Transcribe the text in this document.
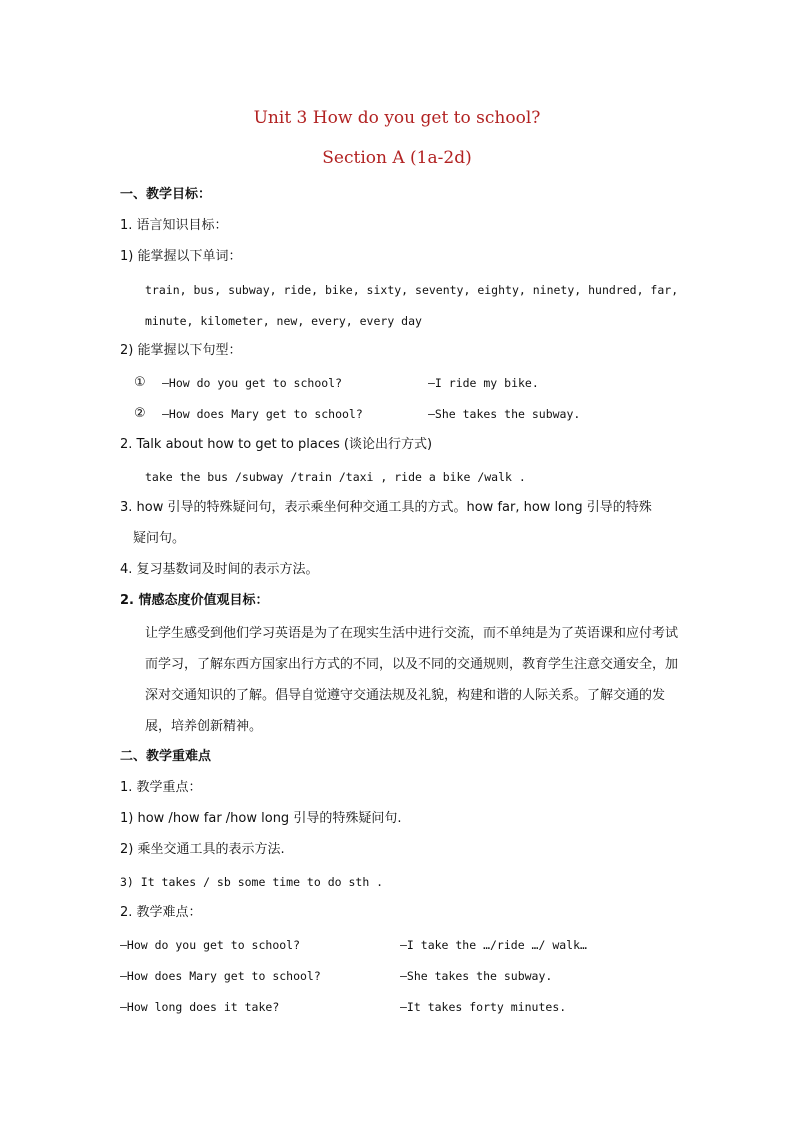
Unit 3 How do you get to school?
Section A (1a-2d)
一、教学目标：
1. 语言知识目标：
1) 能掌握以下单词：
train, bus, subway, ride, bike, sixty, seventy, eighty, ninety, hundred, far,
minute, kilometer, new, every, every day
2) 能掌握以下句型：
① —How do you get to school?	—I ride my bike.
② —How does Mary get to school?	—She takes the subway.
2. Talk about how to get to places (谈论出行方式)
take the bus /subway /train /taxi , ride a bike /walk .
3. how 引导的特殊疑问句，表示乘坐何种交通工具的方式。how far, how long 引导的特殊
疑问句。
4. 复习基数词及时间的表示方法。
2. 情感态度价值观目标：
让学生感受到他们学习英语是为了在现实生活中进行交流，而不单纯是为了英语课和应付考试而学习，了解东西方国家出行方式的不同，以及不同的交通规则，教育学生注意交通安全，加深对交通知识的了解。倡导自觉遵守交通法规及礼貌，构建和谐的人际关系。了解交通的发展，培养创新精神。
二、教学重难点
1. 教学重点：
1) how /how far /how long 引导的特殊疑问句.
2) 乘坐交通工具的表示方法.
3) It takes / sb some time to do sth .
2. 教学难点：
—How do you get to school?	—I take the …/ride …/ walk…
—How does Mary get to school?	—She takes the subway.
—How long does it take?	—It takes forty minutes.
